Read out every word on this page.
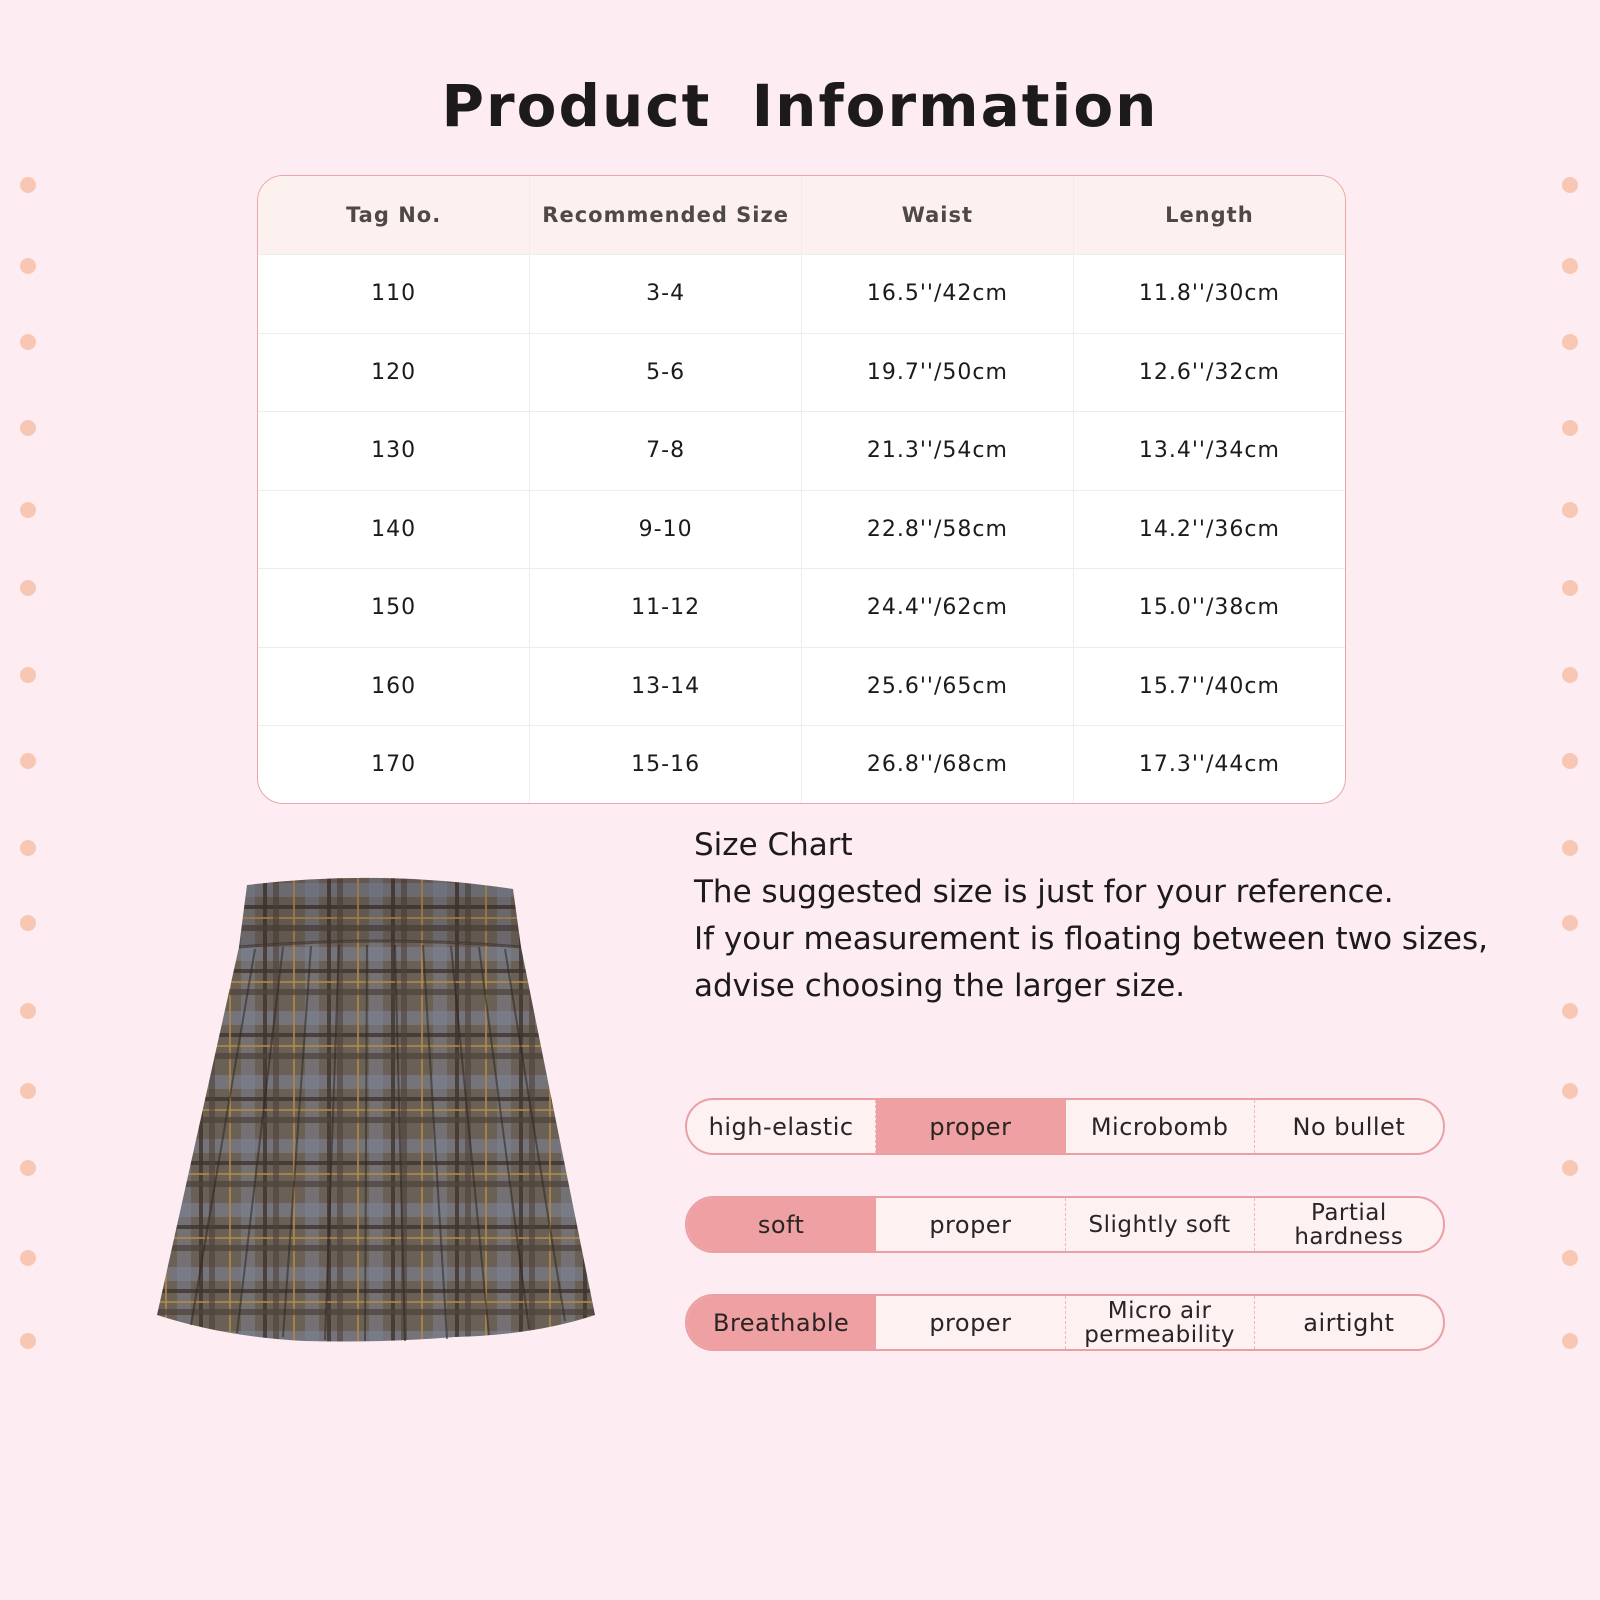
Product Information
Tag No.	Recommended Size	Waist	Length
110	3-4	16.5''/42cm	11.8''/30cm
120	5-6	19.7''/50cm	12.6''/32cm
130	7-8	21.3''/54cm	13.4''/34cm
140	9-10	22.8''/58cm	14.2''/36cm
150	11-12	24.4''/62cm	15.0''/38cm
160	13-14	25.6''/65cm	15.7''/40cm
170	15-16	26.8''/68cm	17.3''/44cm
Size Chart
The suggested size is just for your reference.
If your measurement is floating between two sizes,
advise choosing the larger size.
high-elastic	proper	Microbomb	No bullet
soft	proper	Slightly soft	Partial hardness
Breathable	proper	Micro air permeability	airtight
